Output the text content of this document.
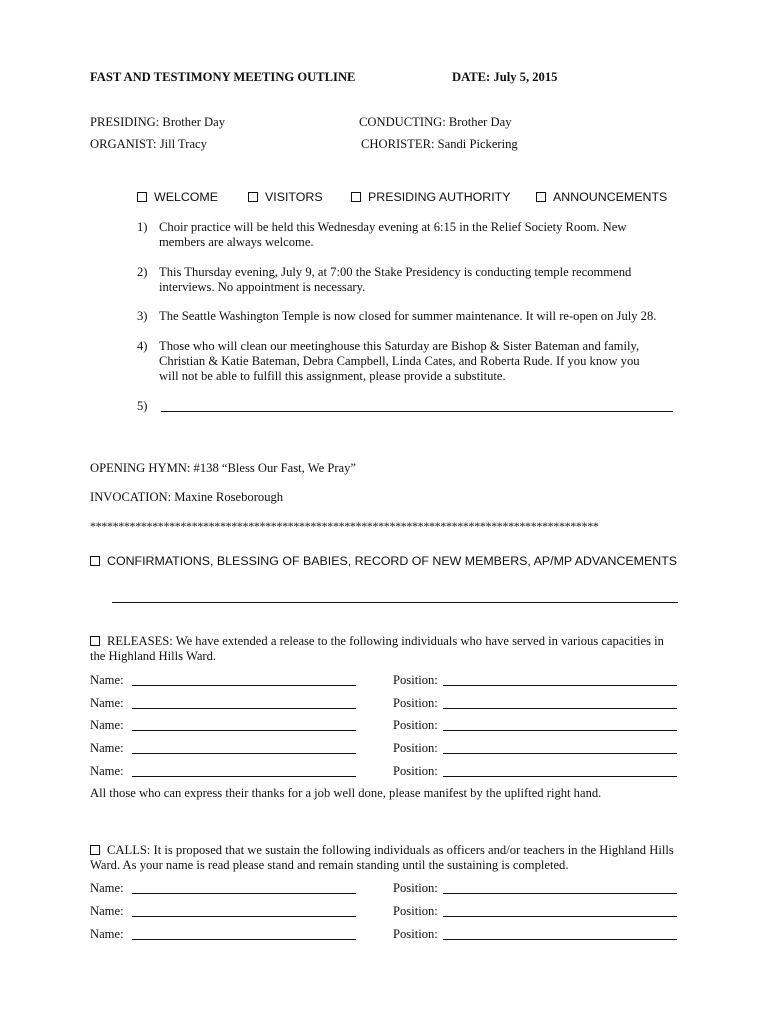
FAST AND TESTIMONY MEETING OUTLINE	DATE: July 5, 2015
PRESIDING: Brother Day	CONDUCTING: Brother Day
ORGANIST: Jill Tracy	CHORISTER: Sandi Pickering
WELCOME	VISITORS	PRESIDING AUTHORITY	ANNOUNCEMENTS
1) Choir practice will be held this Wednesday evening at 6:15 in the Relief Society Room. New members are always welcome.
2) This Thursday evening, July 9, at 7:00 the Stake Presidency is conducting temple recommend interviews. No appointment is necessary.
3) The Seattle Washington Temple is now closed for summer maintenance. It will re-open on July 28.
4) Those who will clean our meetinghouse this Saturday are Bishop & Sister Bateman and family, Christian & Katie Bateman, Debra Campbell, Linda Cates, and Roberta Rude. If you know you will not be able to fulfill this assignment, please provide a substitute.
5)
OPENING HYMN: #138 “Bless Our Fast, We Pray”
INVOCATION: Maxine Roseborough
******************************************************************************************
CONFIRMATIONS, BLESSING OF BABIES, RECORD OF NEW MEMBERS, AP/MP ADVANCEMENTS
RELEASES: We have extended a release to the following individuals who have served in various capacities in the Highland Hills Ward.
Name:	Position:
Name:	Position:
Name:	Position:
Name:	Position:
Name:	Position:
All those who can express their thanks for a job well done, please manifest by the uplifted right hand.
CALLS: It is proposed that we sustain the following individuals as officers and/or teachers in the Highland Hills Ward. As your name is read please stand and remain standing until the sustaining is completed.
Name:	Position:
Name:	Position:
Name:	Position:
